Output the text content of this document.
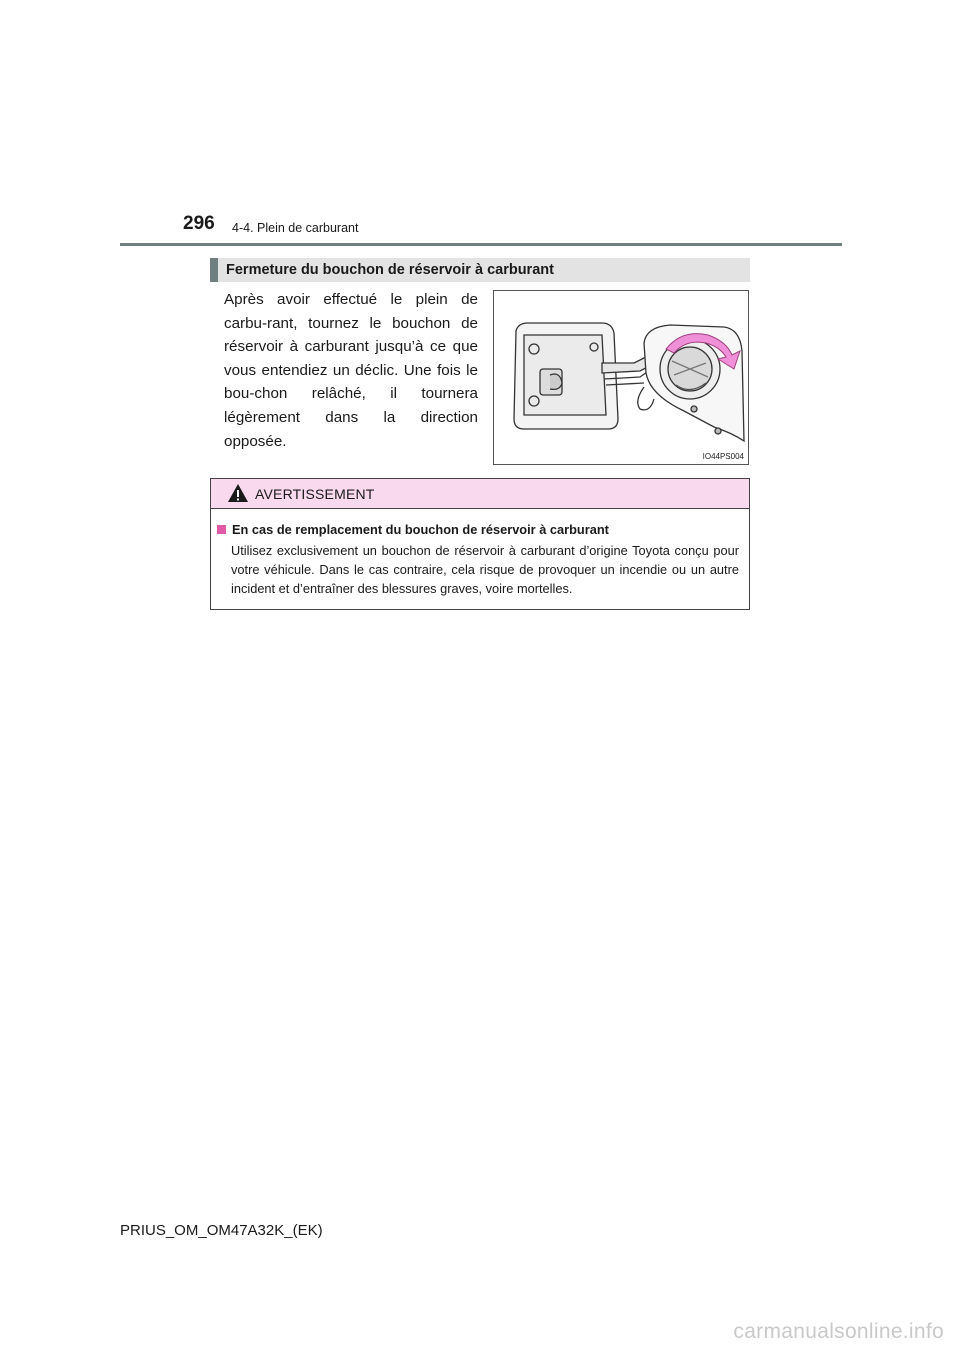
296 4-4. Plein de carburant
Fermeture du bouchon de réservoir à carburant
Après avoir effectué le plein de carbu-rant, tournez le bouchon de réservoir à carburant jusqu’à ce que vous entendiez un déclic. Une fois le bou-chon relâché, il tournera légèrement dans la direction opposée.
IO44PS004
AVERTISSEMENT
En cas de remplacement du bouchon de réservoir à carburant
Utilisez exclusivement un bouchon de réservoir à carburant d’origine Toyota conçu pour votre véhicule. Dans le cas contraire, cela risque de provoquer un incendie ou un autre incident et d’entraîner des blessures graves, voire mortelles.
PRIUS_OM_OM47A32K_(EK)
carmanualsonline.info
